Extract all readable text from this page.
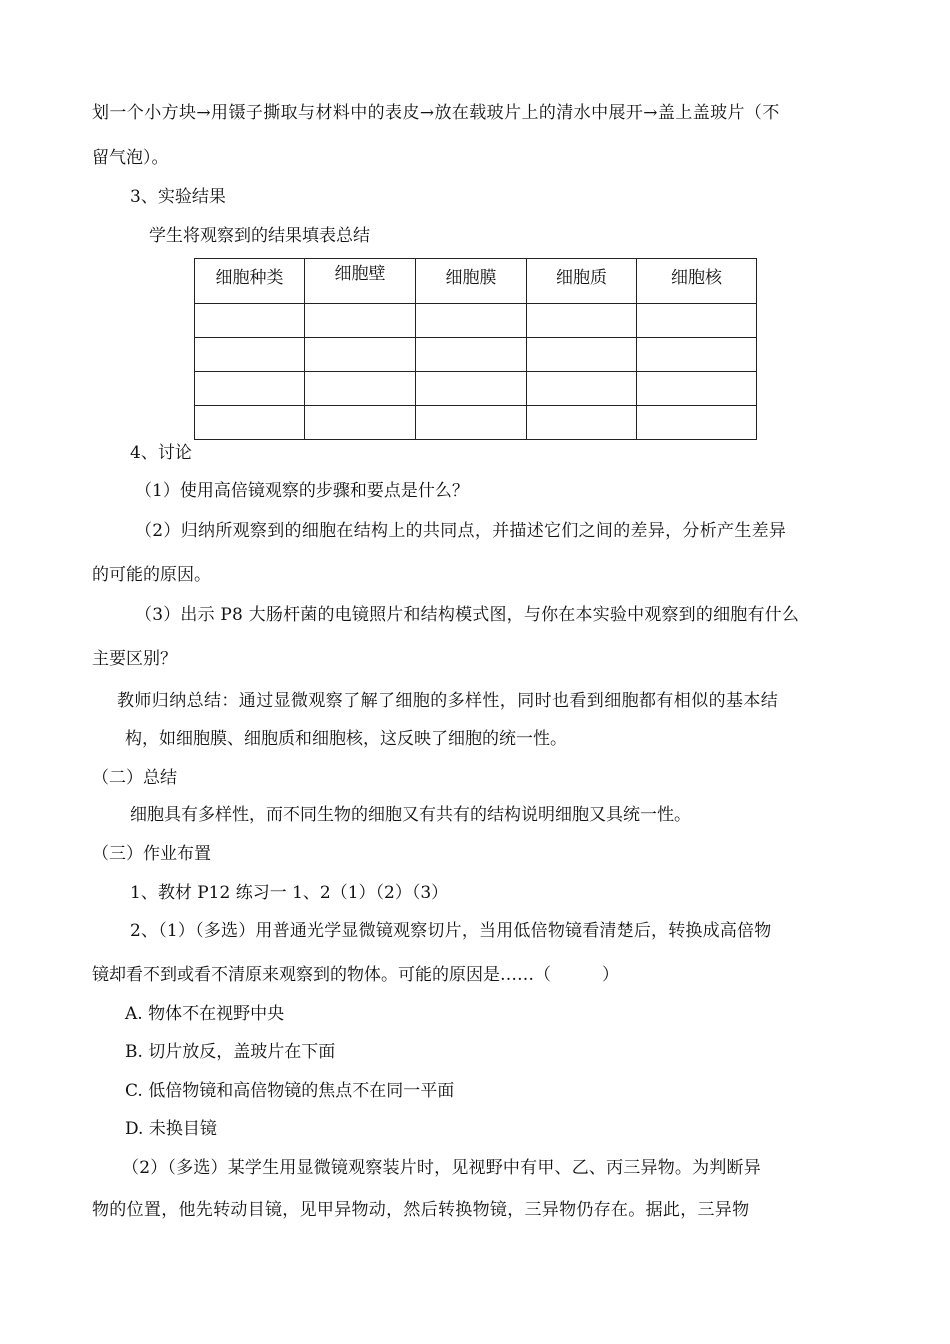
划一个小方块→用镊子撕取与材料中的表皮→放在载玻片上的清水中展开→盖上盖玻片（不
留气泡）。
3、实验结果
学生将观察到的结果填表总结
细胞种类	细胞壁	细胞膜	细胞质	细胞核

4、讨论
（1）使用高倍镜观察的步骤和要点是什么？
（2）归纳所观察到的细胞在结构上的共同点，并描述它们之间的差异，分析产生差异
的可能的原因。
（3）出示 P8 大肠杆菌的电镜照片和结构模式图，与你在本实验中观察到的细胞有什么
主要区别？
教师归纳总结：通过显微观察了解了细胞的多样性，同时也看到细胞都有相似的基本结
构，如细胞膜、细胞质和细胞核，这反映了细胞的统一性。
（二）总结
细胞具有多样性，而不同生物的细胞又有共有的结构说明细胞又具统一性。
（三）作业布置
1、教材 P12 练习一 1、2（1）（2）（3）
2、（1）（多选）用普通光学显微镜观察切片，当用低倍物镜看清楚后，转换成高倍物
镜却看不到或看不清原来观察到的物体。可能的原因是……（　　　）
A. 物体不在视野中央
B. 切片放反，盖玻片在下面
C. 低倍物镜和高倍物镜的焦点不在同一平面
D. 未换目镜
（2）（多选）某学生用显微镜观察装片时，见视野中有甲、乙、丙三异物。为判断异
物的位置，他先转动目镜，见甲异物动，然后转换物镜，三异物仍存在。据此，三异物
